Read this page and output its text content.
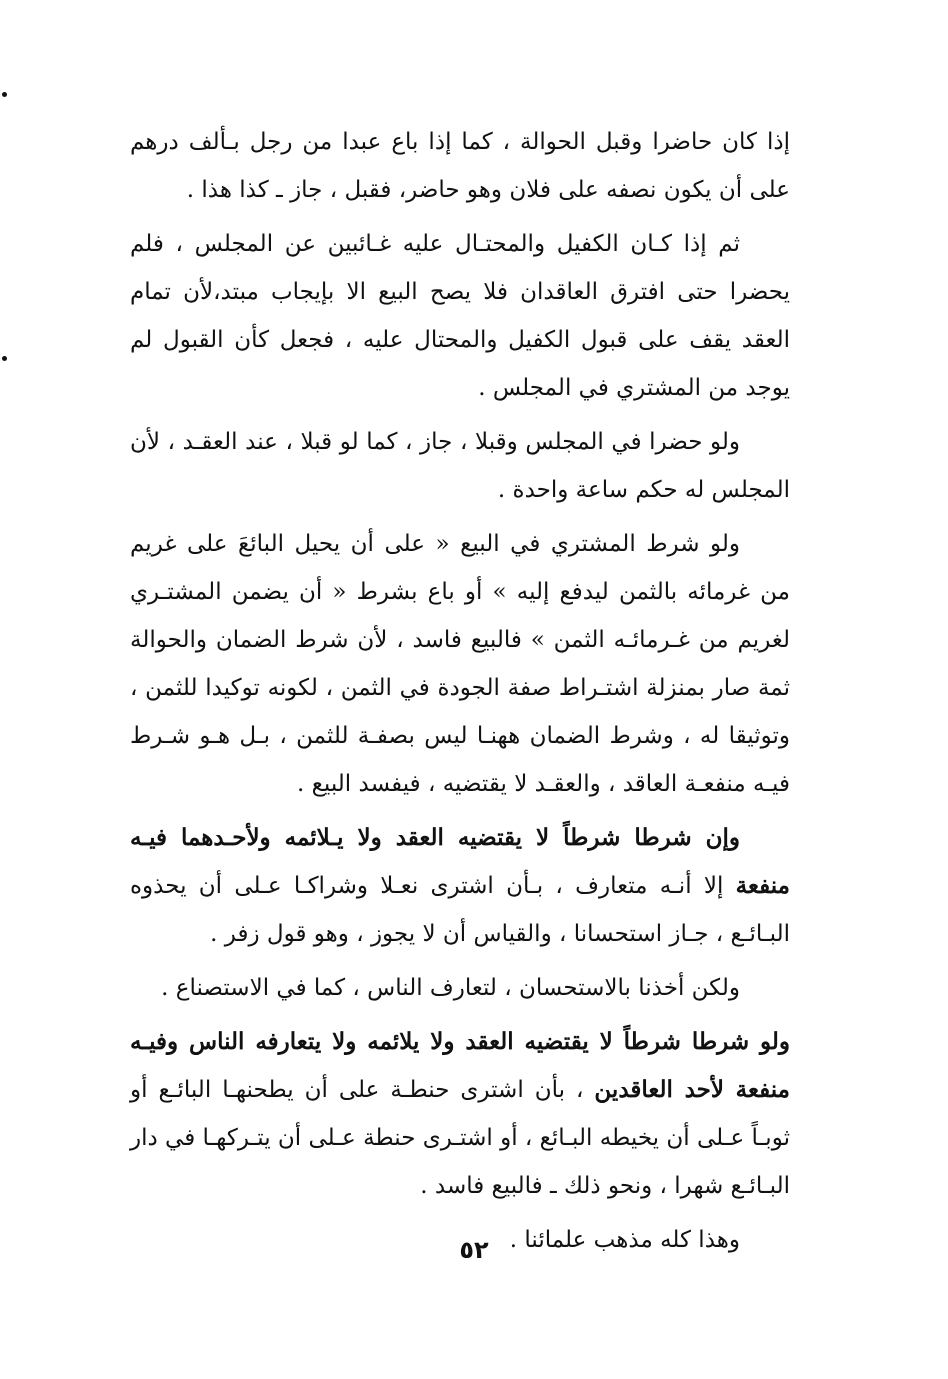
إذا كان حاضرا وقبل الحوالة ، كما إذا باع عبدا من رجل بـألف درهم على أن يكون نصفه على فلان وهو حاضر، فقبل ، جاز ـ كذا هذا .

ثم إذا كـان الكفيل والمحتـال عليه غـائبين عن المجلس ، فلم يحضرا حتى افترق العاقدان فلا يصح البيع الا بإيجاب مبتد،لأن تمام العقد يقف على قبول الكفيل والمحتال عليه ، فجعل كأن القبول لم يوجد من المشتري في المجلس .

ولو حضرا في المجلس وقبلا ، جاز ، كما لو قبلا ، عند العقـد ، لأن المجلس له حكم ساعة واحدة .

ولو شرط المشتري في البيع « على أن يحيل البائعَ على غريم من غرمائه بالثمن ليدفع إليه » أو باع بشرط « أن يضمن المشتـري لغريم من غـرمائـه الثمن » فالبيع فاسد ، لأن شرط الضمان والحوالة ثمة صار بمنزلة اشتـراط صفة الجودة في الثمن ، لكونه توكيدا للثمن ، وتوثيقا له ، وشرط الضمان ههنـا ليس بصفـة للثمن ، بـل هـو شـرط فيـه منفعـة العاقد ، والعقـد لا يقتضيه ، فيفسد البيع .

وإن شرطا شرطاً لا يقتضيه العقد ولا يـلائمه ولأحـدهما فيـه منفعة إلا أنـه متعارف ، بـأن اشترى نعـلا وشراكـا عـلى أن يحذوه البـائـع ، جـاز استحسانا ، والقياس أن لا يجوز ، وهو قول زفر .

ولكن أخذنا بالاستحسان ، لتعارف الناس ، كما في الاستصناع .

ولو شرطا شرطاً لا يقتضيه العقد ولا يلائمه ولا يتعارفه الناس وفيـه منفعة لأحد العاقدين ، بأن اشترى حنطـة على أن يطحنهـا البائـع أو ثوبـاً عـلى أن يخيطه البـائع ، أو اشتـرى حنطة عـلى أن يتـركهـا في دار البـائـع شهرا ، ونحو ذلك ـ فالبيع فاسد .

وهذا كله مذهب علمائنا .

٥٢
